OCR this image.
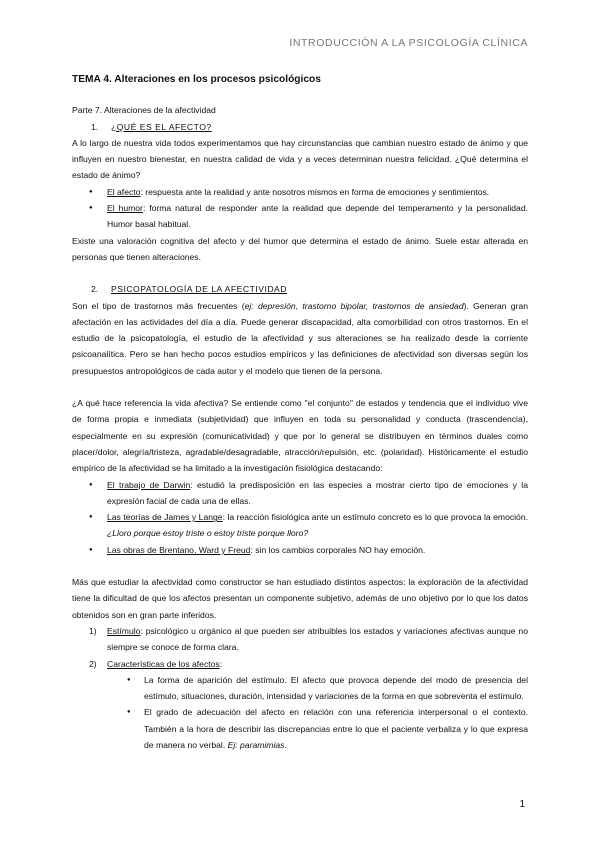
INTRODUCCIÓN A LA PSICOLOGÍA CLÍNICA
TEMA 4. Alteraciones en los procesos psicológicos
Parte 7. Alteraciones de la afectividad
1.	¿QUÉ ES EL AFECTO?

A lo largo de nuestra vida todos experimentamos que hay circunstancias que cambian nuestro estado de ánimo y que influyen en nuestro bienestar, en nuestra calidad de vida y a veces determinan nuestra felicidad. ¿Qué determina el estado de ánimo?

● El afecto: respuesta ante la realidad y ante nosotros mismos en forma de emociones y sentimientos.
● El humor: forma natural de responder ante la realidad que depende del temperamento y la personalidad. Humor basal habitual.

Existe una valoración cognitiva del afecto y del humor que determina el estado de ánimo. Suele estar alterada en personas que tienen alteraciones.

2.	PSICOPATOLOGÍA DE LA AFECTIVIDAD

Son el tipo de trastornos más frecuentes (ej: depresión, trastorno bipolar, trastornos de ansiedad). Generan gran afectación en las actividades del día a día. Puede generar discapacidad, alta comorbilidad con otros trastornos. En el estudio de la psicopatología, el estudio de la afectividad y sus alteraciones se ha realizado desde la corriente psicoanalítica. Pero se han hecho pocos estudios empíricos y las definiciones de afectividad son diversas según los presupuestos antropológicos de cada autor y el modelo que tienen de la persona.

¿A qué hace referencia la vida afectiva? Se entiende como "el conjunto" de estados y tendencia que el individuo vive de forma propia e inmediata (subjetividad) que influyen en toda su personalidad y conducta (trascendencia), especialmente en su expresión (comunicatividad) y que por lo general se distribuyen en términos duales como placer/dolor, alegría/tristeza, agradable/desagradable, atracción/repulsión, etc. (polaridad). Históricamente el estudio empírico de la afectividad se ha limitado a la investigación fisiológica destacando:

● El trabajo de Darwin: estudió la predisposición en las especies a mostrar cierto tipo de emociones y la expresión facial de cada una de ellas.
● Las teorías de James y Lange: la reacción fisiológica ante un estímulo concreto es lo que provoca la emoción. ¿Lloro porque estoy triste o estoy triste porque lloro?
● Las obras de Brentano, Ward y Freud: sin los cambios corporales NO hay emoción.

Más que estudiar la afectividad como constructor se han estudiado distintos aspectos: la exploración de la afectividad tiene la dificultad de que los afectos presentan un componente subjetivo, además de uno objetivo por lo que los datos obtenidos son en gran parte inferidos.

1) Estímulo: psicológico u orgánico al que pueden ser atribuibles los estados y variaciones afectivas aunque no siempre se conoce de forma clara.
2) Características de los afectos:
● La forma de aparición del estímulo. El afecto que provoca depende del modo de presencia del estímulo, situaciones, duración, intensidad y variaciones de la forma en que sobreventa el estímulo.
● El grado de adecuación del afecto en relación con una referencia interpersonal o el contexto. También a la hora de describir las discrepancias entre lo que el paciente verbaliza y lo que expresa de manera no verbal. Ej: paramimias.
1
